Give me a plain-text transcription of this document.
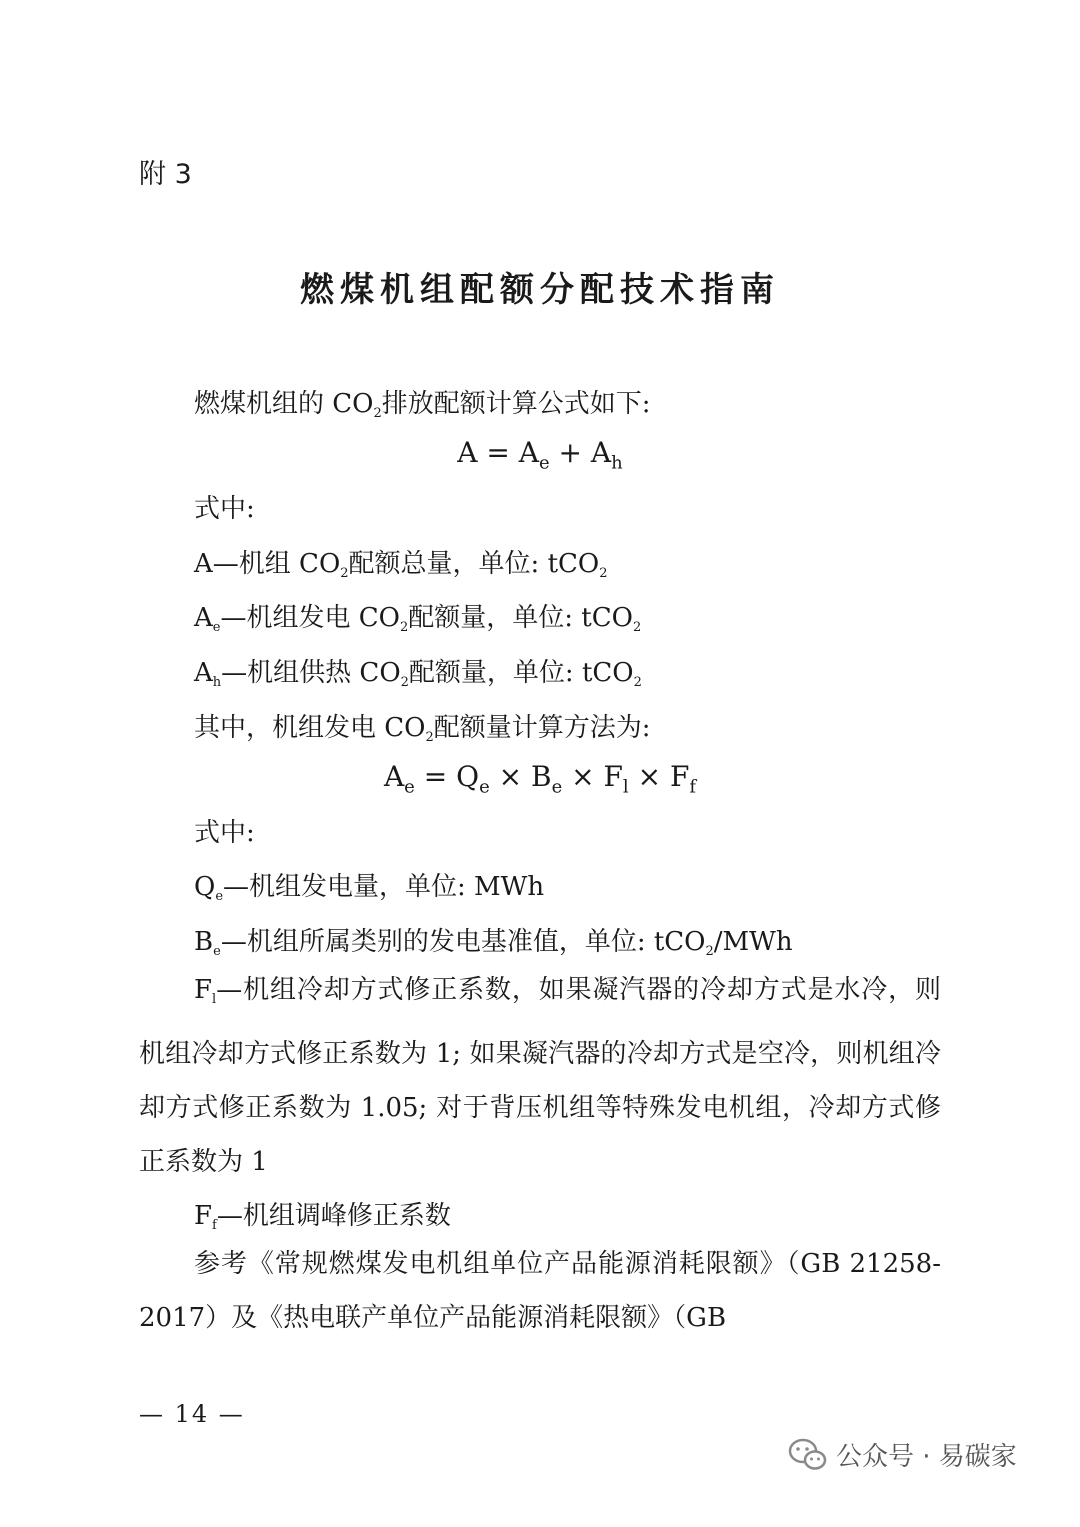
附 3
燃煤机组配额分配技术指南
燃煤机组的 CO2排放配额计算公式如下:
$A = A_e + A_h$
式中:
A—机组 CO2配额总量，单位: tCO2
Ae—机组发电 CO2配额量，单位: tCO2
Ah—机组供热 CO2配额量，单位: tCO2
其中，机组发电 CO2配额量计算方法为:
$A_e = Q_e \times B_e \times F_l \times F_f$
式中:
Qe—机组发电量，单位: MWh
Be—机组所属类别的发电基准值，单位: tCO2/MWh
Fl—机组冷却方式修正系数，如果凝汽器的冷却方式是水冷，则机组冷却方式修正系数为 1; 如果凝汽器的冷却方式是空冷，则机组冷却方式修正系数为 1.05; 对于背压机组等特殊发电机组，冷却方式修正系数为 1
Ff—机组调峰修正系数
参考《常规燃煤发电机组单位产品能源消耗限额》（GB 21258-2017）及《热电联产单位产品能源消耗限额》（GB
— 14 —
公众号 · 易碳家
